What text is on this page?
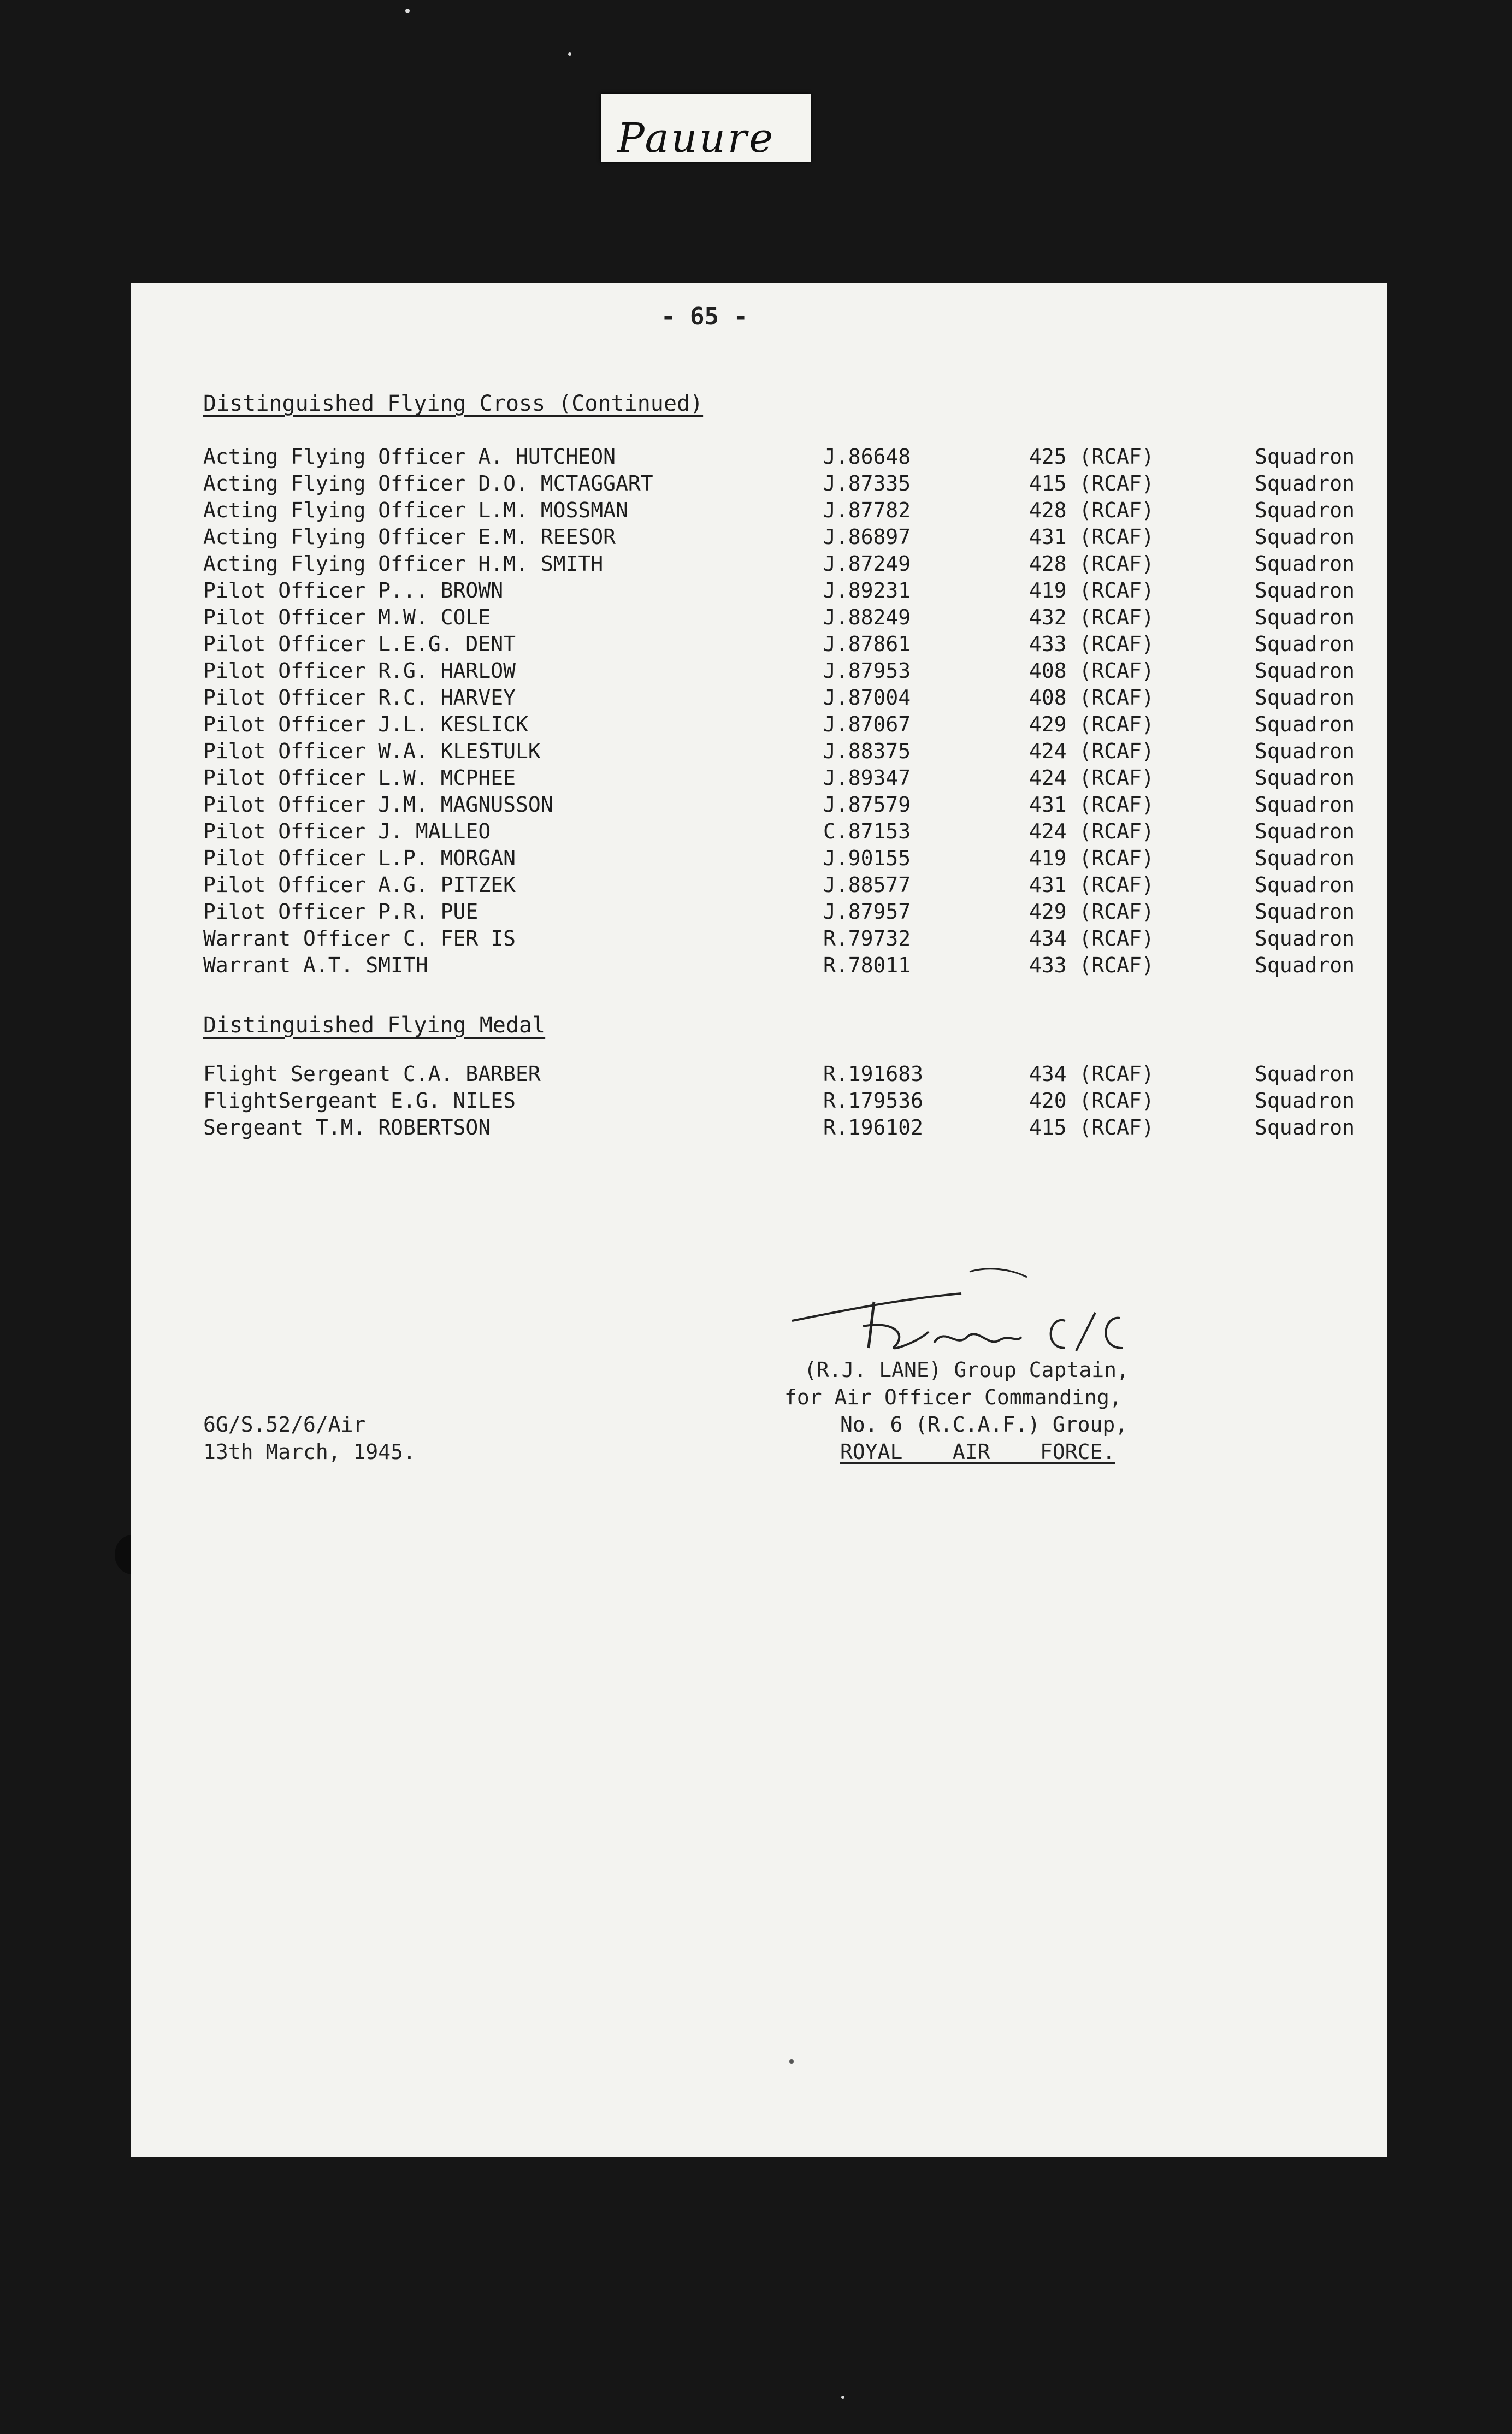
Pauure
- 65 -
Distinguished Flying Cross (Continued)
Acting Flying Officer A. HUTCHEON	J.86648	425 (RCAF)	Squadron
Acting Flying Officer D.O. MCTAGGART	J.87335	415 (RCAF)	Squadron
Acting Flying Officer L.M. MOSSMAN	J.87782	428 (RCAF)	Squadron
Acting Flying Officer E.M. REESOR	J.86897	431 (RCAF)	Squadron
Acting Flying Officer H.M. SMITH	J.87249	428 (RCAF)	Squadron
Pilot Officer P... BROWN	J.89231	419 (RCAF)	Squadron
Pilot Officer M.W. COLE	J.88249	432 (RCAF)	Squadron
Pilot Officer L.E.G. DENT	J.87861	433 (RCAF)	Squadron
Pilot Officer R.G. HARLOW	J.87953	408 (RCAF)	Squadron
Pilot Officer R.C. HARVEY	J.87004	408 (RCAF)	Squadron
Pilot Officer J.L. KESLICK	J.87067	429 (RCAF)	Squadron
Pilot Officer W.A. KLESTULK	J.88375	424 (RCAF)	Squadron
Pilot Officer L.W. MCPHEE	J.89347	424 (RCAF)	Squadron
Pilot Officer J.M. MAGNUSSON	J.87579	431 (RCAF)	Squadron
Pilot Officer J. MALLEO	C.87153	424 (RCAF)	Squadron
Pilot Officer L.P. MORGAN	J.90155	419 (RCAF)	Squadron
Pilot Officer A.G. PITZEK	J.88577	431 (RCAF)	Squadron
Pilot Officer P.R. PUE	J.87957	429 (RCAF)	Squadron
Warrant Officer C. FER IS	R.79732	434 (RCAF)	Squadron
Warrant A.T. SMITH	R.78011	433 (RCAF)	Squadron
Distinguished Flying Medal
Flight Sergeant C.A. BARBER	R.191683	434 (RCAF)	Squadron
FlightSergeant E.G. NILES	R.179536	420 (RCAF)	Squadron
Sergeant T.M. ROBERTSON	R.196102	415 (RCAF)	Squadron
(R.J. LANE) Group Captain,
for Air Officer Commanding,
No. 6 (R.C.A.F.) Group,
ROYAL    AIR    FORCE.
6G/S.52/6/Air
13th March, 1945.
